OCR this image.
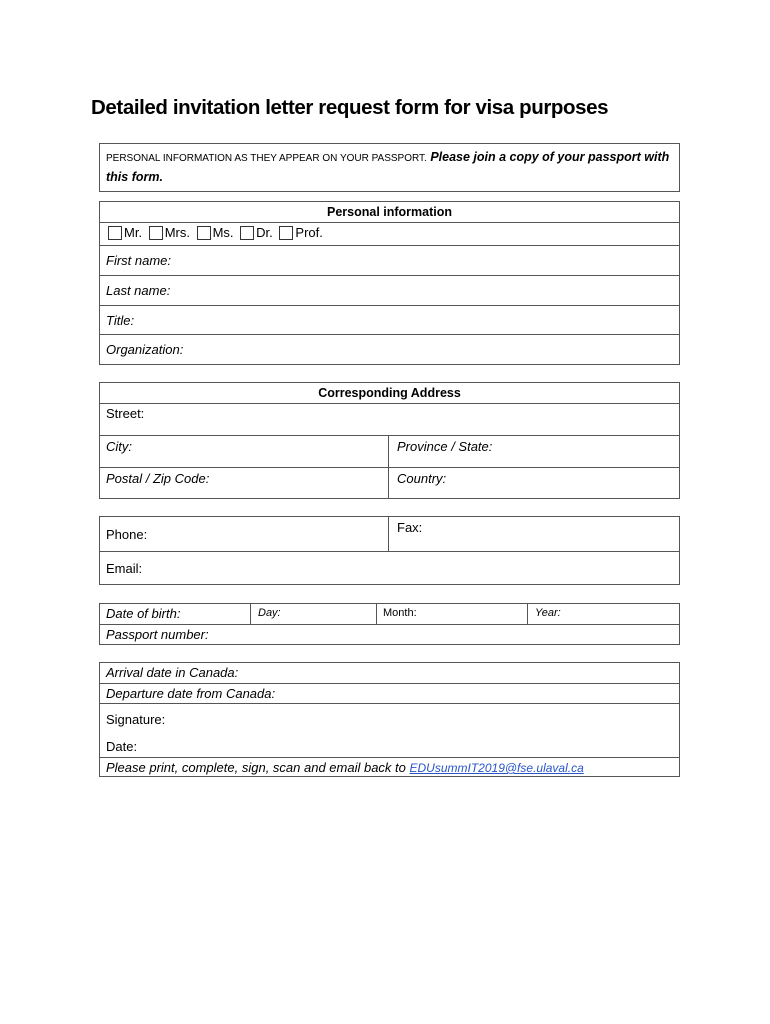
Detailed invitation letter request form for visa purposes
PERSONAL INFORMATION AS THEY APPEAR ON YOUR PASSPORT. Please join a copy of your passport with this form.
Personal information
Mr. Mrs. Ms. Dr. Prof.
First name:
Last name:
Title:
Organization:
Corresponding Address
Street:
City:	Province / State:
Postal / Zip Code:	Country:
Phone:	Fax:
Email:
Date of birth:	Day:	Month:	Year:
Passport number:
Arrival date in Canada:
Departure date from Canada:
Signature:
Date:
Please print, complete, sign, scan and email back to EDUsummIT2019@fse.ulaval.ca
